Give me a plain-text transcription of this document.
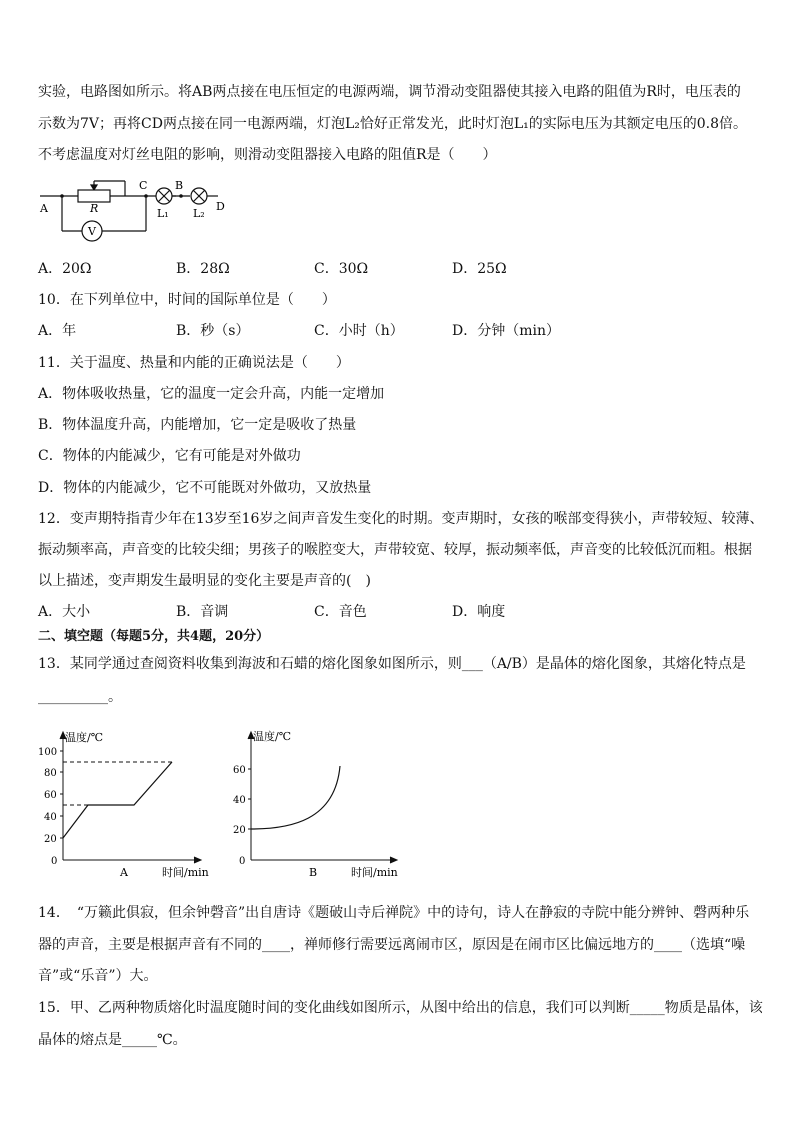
实验，电路图如所示。将AB两点接在电压恒定的电源两端，调节滑动变阻器使其接入电路的阻值为R时，电压表的
示数为7V；再将CD两点接在同一电源两端，灯泡L₂恰好正常发光，此时灯泡L₁的实际电压为其额定电压的0.8倍。
不考虑温度对灯丝电阻的影响，则滑动变阻器接入电路的阻值R是（　　）
A	R
V
C	B
D
L₁ L₂
A．20Ω	B．28Ω	C．30Ω	D．25Ω
10．在下列单位中，时间的国际单位是（　　）
A．年	B．秒（s）	C．小时（h）	D．分钟（min）
11．关于温度、热量和内能的正确说法是（　　）
A．物体吸收热量，它的温度一定会升高，内能一定增加
B．物体温度升高，内能增加，它一定是吸收了热量
C．物体的内能减少，它有可能是对外做功
D．物体的内能减少，它不可能既对外做功，又放热量
12．变声期特指青少年在13岁至16岁之间声音发生变化的时期。变声期时，女孩的喉部变得狭小，声带较短、较薄、
振动频率高，声音变的比较尖细；男孩子的喉腔变大，声带较宽、较厚，振动频率低，声音变的比较低沉而粗。根据
以上描述，变声期发生最明显的变化主要是声音的(　)
A．大小	B．音调	C．音色	D．响度
二、填空题（每题5分，共4题，20分）
13．某同学通过查阅资料收集到海波和石蜡的熔化图象如图所示，则___（A/B）是晶体的熔化图象，其熔化特点是
__________。
温度/℃
100
80
60
40
20
0
A	时间/min
温度/℃
60
40
20
0
B	时间/min
14．　“万籁此俱寂，但余钟磬音”出自唐诗《题破山寺后禅院》中的诗句，诗人在静寂的寺院中能分辨钟、磬两种乐
器的声音，主要是根据声音有不同的____，禅师修行需要远离闹市区，原因是在闹市区比偏远地方的____（选填“噪
音”或“乐音”）大。
15．甲、乙两种物质熔化时温度随时间的变化曲线如图所示，从图中给出的信息，我们可以判断_____物质是晶体，该
晶体的熔点是_____℃。
